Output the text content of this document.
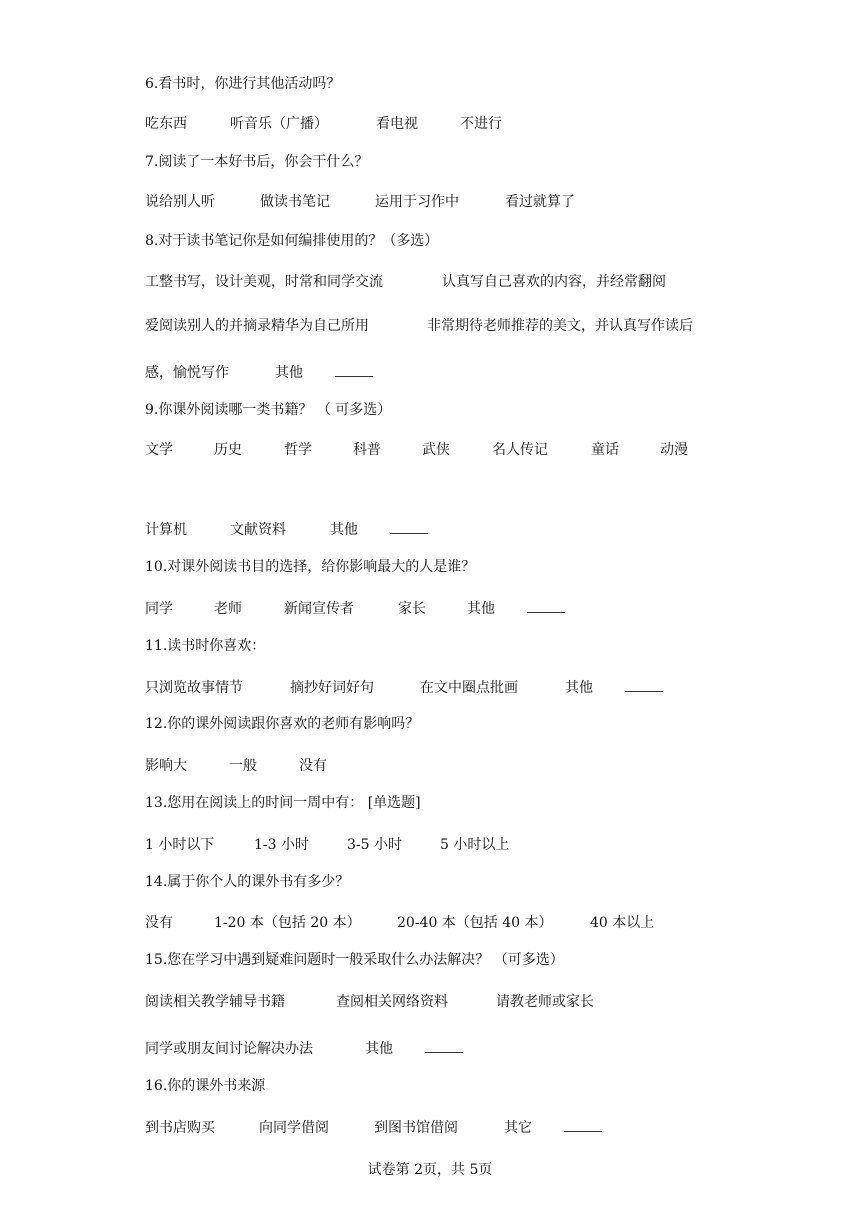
6.看书时，你进行其他活动吗？
吃东西	听音乐（广播）	看电视	不进行
7.阅读了一本好书后，你会干什么？
说给别人听	做读书笔记	运用于习作中	看过就算了
8.对于读书笔记你是如何编排使用的？（多选）
工整书写，设计美观，时常和同学交流	认真写自己喜欢的内容，并经常翻阅
爱阅读别人的并摘录精华为自己所用	非常期待老师推荐的美文，并认真写作读后
感，愉悦写作	其他
9.你课外阅读哪一类书籍？ （ 可多选）
文学	历史	哲学	科普	武侠	名人传记	童话	动漫
计算机	文献资料	其他
10.对课外阅读书目的选择，给你影响最大的人是谁？
同学	老师	新闻宣传者	家长	其他
11.读书时你喜欢：
只浏览故事情节	摘抄好词好句	在文中圈点批画	其他
12.你的课外阅读跟你喜欢的老师有影响吗？
影响大	一般	没有
13.您用在阅读上的时间一周中有： [单选题]
1 小时以下	1-3 小时	3-5 小时	5 小时以上
14.属于你个人的课外书有多少？
没有	1-20 本（包括 20 本）	20-40 本（包括 40 本）	40 本以上
15.您在学习中遇到疑难问题时一般采取什么办法解决？ （可多选）
阅读相关教学辅导书籍	查阅相关网络资料	请教老师或家长
同学或朋友间讨论解决办法	其他
16.你的课外书来源
到书店购买	向同学借阅	到图书馆借阅	其它
试卷第 2页，共 5页
